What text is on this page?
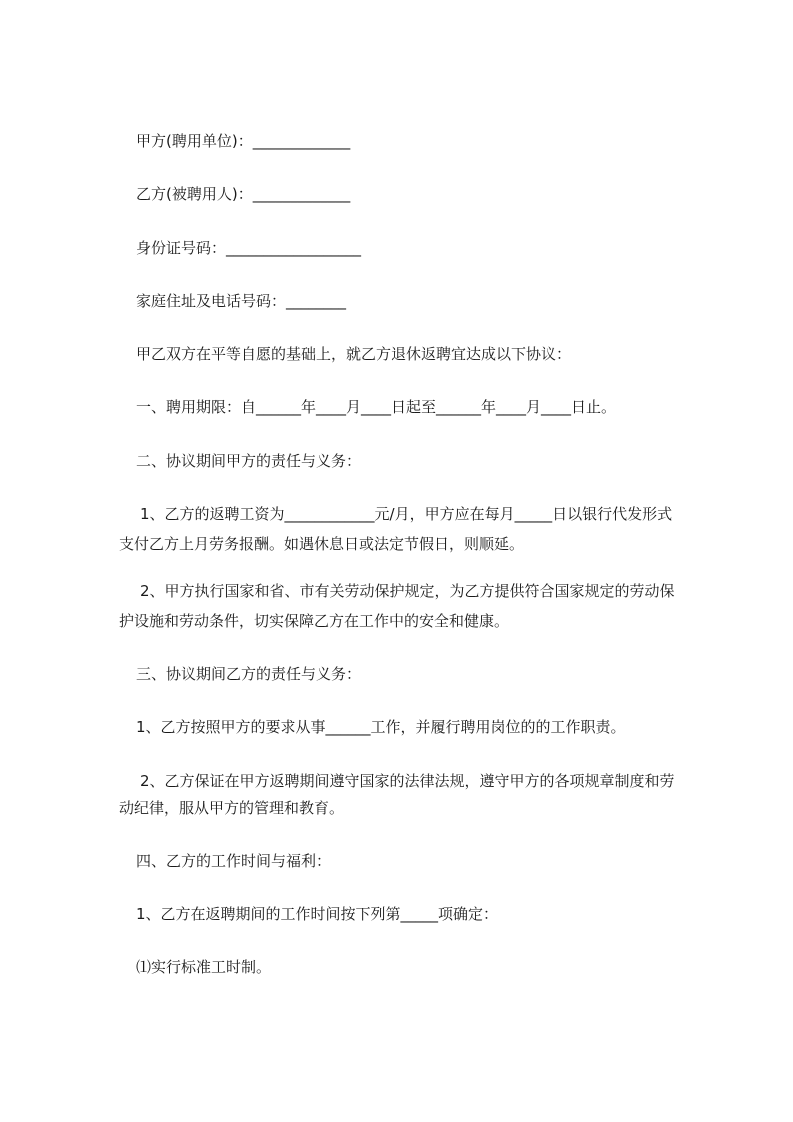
甲方(聘用单位)：_____________
乙方(被聘用人)：_____________
身份证号码：__________________
家庭住址及电话号码：________
甲乙双方在平等自愿的基础上，就乙方退休返聘宜达成以下协议：
一、聘用期限：自______年____月____日起至______年____月____日止。
二、协议期间甲方的责任与义务：
1、乙方的返聘工资为____________元/月，甲方应在每月_____日以银行代发形式
支付乙方上月劳务报酬。如遇休息日或法定节假日，则顺延。
2、甲方执行国家和省、市有关劳动保护规定，为乙方提供符合国家规定的劳动保
护设施和劳动条件，切实保障乙方在工作中的安全和健康。
三、协议期间乙方的责任与义务：
1、乙方按照甲方的要求从事______工作，并履行聘用岗位的的工作职责。
2、乙方保证在甲方返聘期间遵守国家的法律法规，遵守甲方的各项规章制度和劳
动纪律，服从甲方的管理和教育。
四、乙方的工作时间与福利：
1、乙方在返聘期间的工作时间按下列第_____项确定：
⑴实行标准工时制。
